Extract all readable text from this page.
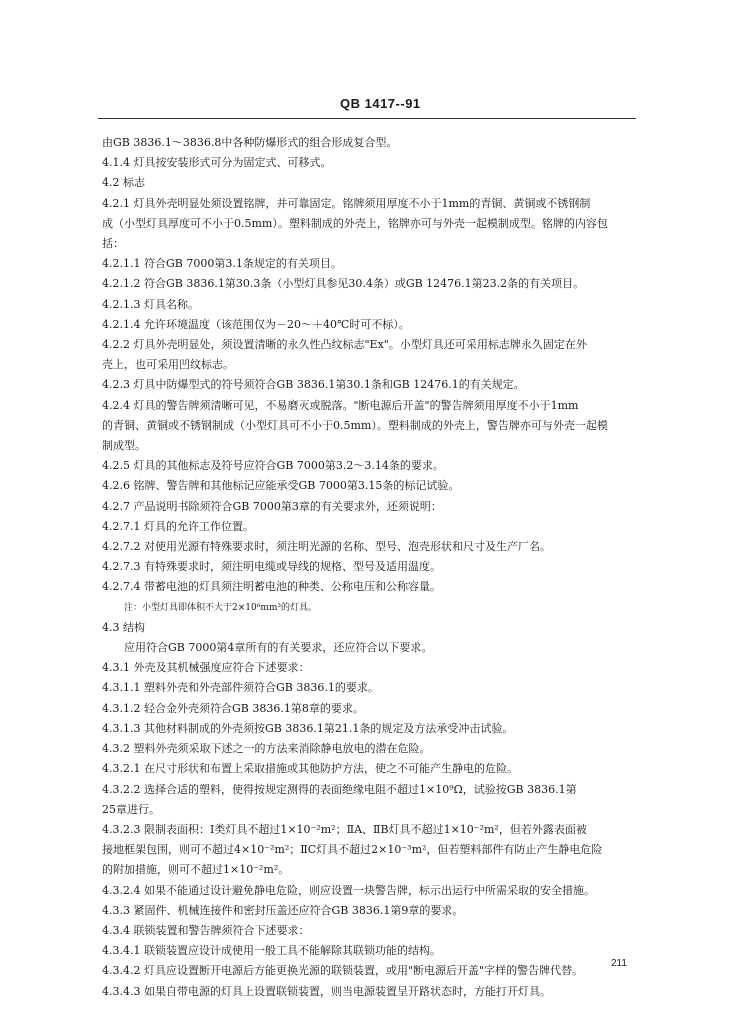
QB 1417--91
由GB 3836.1～3836.8中各种防爆形式的组合形成复合型。
4.1.4 灯具按安装形式可分为固定式、可移式。
4.2 标志
4.2.1 灯具外壳明显处须设置铭牌，并可靠固定。铭牌须用厚度不小于1mm的青铜、黄铜或不锈钢制
成（小型灯具厚度可不小于0.5mm）。塑料制成的外壳上，铭牌亦可与外壳一起模制成型。铭牌的内容包
括：
4.2.1.1 符合GB 7000第3.1条规定的有关项目。
4.2.1.2 符合GB 3836.1第30.3条（小型灯具参见30.4条）或GB 12476.1第23.2条的有关项目。
4.2.1.3 灯具名称。
4.2.1.4 允许环境温度（该范围仅为－20～＋40℃时可不标）。
4.2.2 灯具外壳明显处，须设置清晰的永久性凸纹标志"Ex"。小型灯具还可采用标志牌永久固定在外
壳上，也可采用凹纹标志。
4.2.3 灯具中防爆型式的符号须符合GB 3836.1第30.1条和GB 12476.1的有关规定。
4.2.4 灯具的警告牌须清晰可见，不易磨灭或脱落。"断电源后开盖"的警告牌须用厚度不小于1mm
的青铜、黄铜或不锈钢制成（小型灯具可不小于0.5mm）。塑料制成的外壳上，警告牌亦可与外壳一起模
制成型。
4.2.5 灯具的其他标志及符号应符合GB 7000第3.2～3.14条的要求。
4.2.6 铭牌、警告牌和其他标记应能承受GB 7000第3.15条的标记试验。
4.2.7 产品说明书除须符合GB 7000第3章的有关要求外，还须说明：
4.2.7.1 灯具的允许工作位置。
4.2.7.2 对使用光源有特殊要求时，须注明光源的名称、型号、泡壳形状和尺寸及生产厂名。
4.2.7.3 有特殊要求时，须注明电缆或导线的规格、型号及适用温度。
4.2.7.4 带蓄电池的灯具须注明蓄电池的种类、公称电压和公称容量。
注：小型灯具即体积不大于2×10⁶mm³的灯具。
4.3 结构
应用符合GB 7000第4章所有的有关要求，还应符合以下要求。
4.3.1 外壳及其机械强度应符合下述要求：
4.3.1.1 塑料外壳和外壳部件须符合GB 3836.1的要求。
4.3.1.2 轻合金外壳须符合GB 3836.1第8章的要求。
4.3.1.3 其他材料制成的外壳须按GB 3836.1第21.1条的规定及方法承受冲击试验。
4.3.2 塑料外壳须采取下述之一的方法来消除静电放电的潜在危险。
4.3.2.1 在尺寸形状和布置上采取措施或其他防护方法，使之不可能产生静电的危险。
4.3.2.2 选择合适的塑料，使得按规定测得的表面绝缘电阻不超过1×10⁹Ω，试验按GB 3836.1第
25章进行。
4.3.2.3 限制表面积：Ⅰ类灯具不超过1×10⁻²m²；ⅡA、ⅡB灯具不超过1×10⁻²m²，但若外露表面被
接地框架包围，则可不超过4×10⁻²m²；ⅡC灯具不超过2×10⁻³m²，但若塑料部件有防止产生静电危险
的附加措施，则可不超过1×10⁻²m²。
4.3.2.4 如果不能通过设计避免静电危险，则应设置一块警告牌，标示出运行中所需采取的安全措施。
4.3.3 紧固件、机械连接件和密封压盖还应符合GB 3836.1第9章的要求。
4.3.4 联锁装置和警告牌须符合下述要求：
4.3.4.1 联锁装置应设计成使用一般工具不能解除其联锁功能的结构。
4.3.4.2 灯具应设置断开电源后方能更换光源的联锁装置，或用"断电源后开盖"字样的警告牌代替。
4.3.4.3 如果自带电源的灯具上设置联锁装置，则当电源装置呈开路状态时，方能打开灯具。
211
